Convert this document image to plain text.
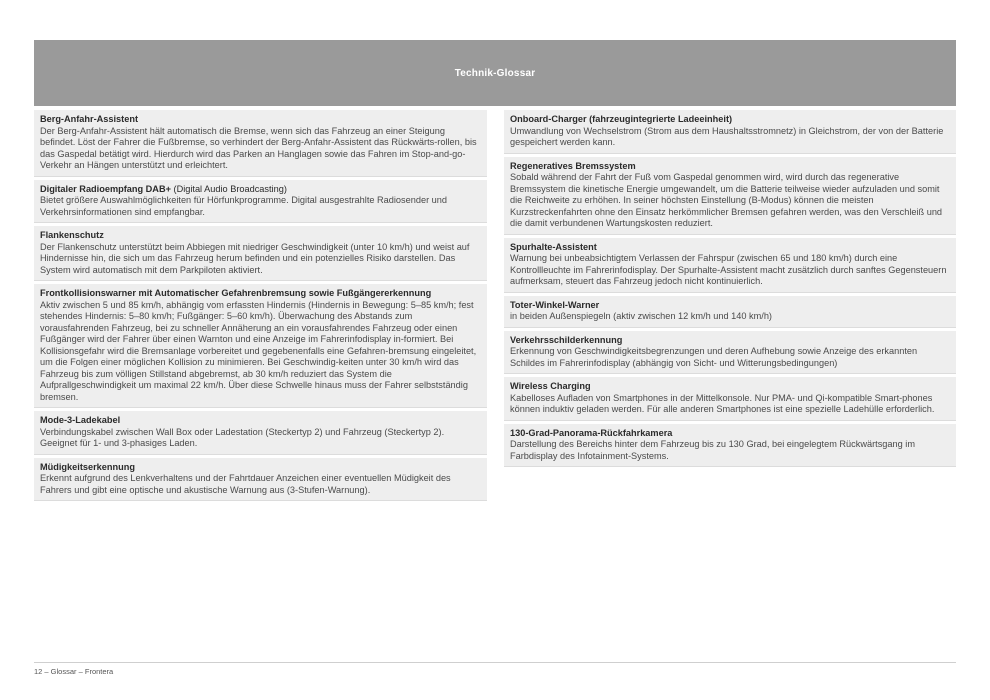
Technik-Glossar
Berg-Anfahr-Assistent
Der Berg-Anfahr-Assistent hält automatisch die Bremse, wenn sich das Fahrzeug an einer Steigung befindet. Löst der Fahrer die Fußbremse, so verhindert der Berg-Anfahr-Assistent das Rückwärts-rollen, bis das Gaspedal betätigt wird. Hierdurch wird das Parken an Hanglagen sowie das Fahren im Stop-and-go-Verkehr an Hängen unterstützt und erleichtert.
Digitaler Radioempfang DAB+ (Digital Audio Broadcasting)
Bietet größere Auswahlmöglichkeiten für Hörfunkprogramme. Digital ausgestrahlte Radiosender und Verkehrsinformationen sind empfangbar.
Flankenschutz
Der Flankenschutz unterstützt beim Abbiegen mit niedriger Geschwindigkeit (unter 10 km/h) und weist auf Hindernisse hin, die sich um das Fahrzeug herum befinden und ein potenzielles Risiko darstellen. Das System wird automatisch mit dem Parkpiloten aktiviert.
Frontkollisionswarner mit Automatischer Gefahrenbremsung sowie Fußgängererkennung
Aktiv zwischen 5 und 85 km/h, abhängig vom erfassten Hindernis (Hindernis in Bewegung: 5–85 km/h; fest stehendes Hindernis: 5–80 km/h; Fußgänger: 5–60 km/h). Überwachung des Abstands zum vorausfahrenden Fahrzeug, bei zu schneller Annäherung an ein vorausfahrendes Fahrzeug oder einen Fußgänger wird der Fahrer über einen Warnton und eine Anzeige im Fahrerinfodisplay in-formiert. Bei Kollisionsgefahr wird die Bremsanlage vorbereitet und gegebenenfalls eine Gefahren-bremsung eingeleitet, um die Folgen einer möglichen Kollision zu minimieren. Bei Geschwindig-keiten unter 30 km/h wird das Fahrzeug bis zum völligen Stillstand abgebremst, ab 30 km/h reduziert das System die Aufprallgeschwindigkeit um maximal 22 km/h. Über diese Schwelle hinaus muss der Fahrer selbstständig bremsen.
Mode-3-Ladekabel
Verbindungskabel zwischen Wall Box oder Ladestation (Steckertyp 2) und Fahrzeug (Steckertyp 2). Geeignet für 1- und 3-phasiges Laden.
Müdigkeitserkennung
Erkennt aufgrund des Lenkverhaltens und der Fahrtdauer Anzeichen einer eventuellen Müdigkeit des Fahrers und gibt eine optische und akustische Warnung aus (3-Stufen-Warnung).
Onboard-Charger (fahrzeugintegrierte Ladeeinheit)
Umwandlung von Wechselstrom (Strom aus dem Haushaltsstromnetz) in Gleichstrom, der von der Batterie gespeichert werden kann.
Regeneratives Bremssystem
Sobald während der Fahrt der Fuß vom Gaspedal genommen wird, wird durch das regenerative Bremssystem die kinetische Energie umgewandelt, um die Batterie teilweise wieder aufzuladen und somit die Reichweite zu erhöhen. In seiner höchsten Einstellung (B-Modus) können die meisten Kurzstreckenfahrten ohne den Einsatz herkömmlicher Bremsen gefahren werden, was den Verschleiß und die damit verbundenen Wartungskosten reduziert.
Spurhalte-Assistent
Warnung bei unbeabsichtigtem Verlassen der Fahrspur (zwischen 65 und 180 km/h) durch eine Kontrollleuchte im Fahrerinfodisplay. Der Spurhalte-Assistent macht zusätzlich durch sanftes Gegensteuern aufmerksam, steuert das Fahrzeug jedoch nicht kontinuierlich.
Toter-Winkel-Warner
in beiden Außenspiegeln (aktiv zwischen 12 km/h und 140 km/h)
Verkehrsschilderkennung
Erkennung von Geschwindigkeitsbegrenzungen und deren Aufhebung sowie Anzeige des erkannten Schildes im Fahrerinfodisplay (abhängig von Sicht- und Witterungsbedingungen)
Wireless Charging
Kabelloses Aufladen von Smartphones in der Mittelkonsole. Nur PMA- und Qi-kompatible Smart-phones können induktiv geladen werden. Für alle anderen Smartphones ist eine spezielle Ladehülle erforderlich.
130-Grad-Panorama-Rückfahrkamera
Darstellung des Bereichs hinter dem Fahrzeug bis zu 130 Grad, bei eingelegtem Rückwärtsgang im Farbdisplay des Infotainment-Systems.
12 – Glossar – Frontera
